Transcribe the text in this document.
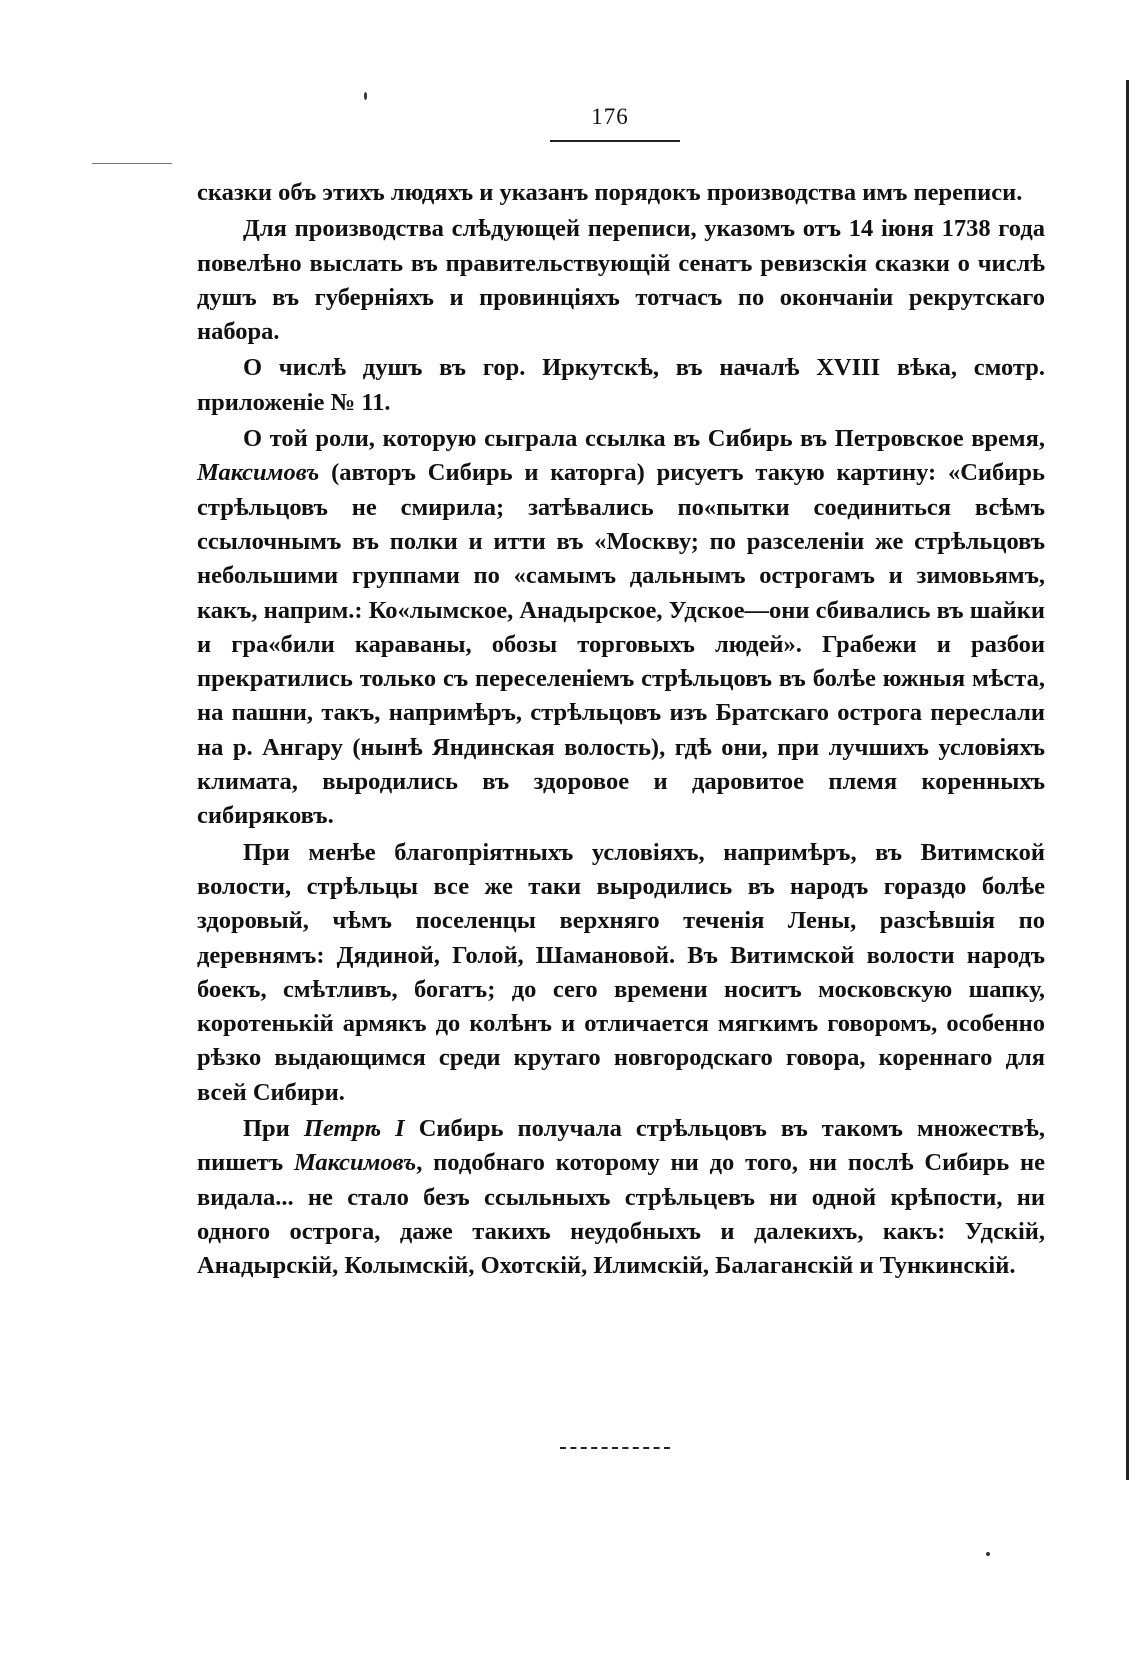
176

сказки объ этихъ людяхъ и указанъ порядокъ производства имъ переписи.

Для производства слѣдующей переписи, указомъ отъ 14 іюня 1738 года повелѣно выслать въ правительствующій сенатъ ревизскія сказки о числѣ душъ въ губерніяхъ и провинціяхъ тотчасъ по окончаніи рекрутскаго набора.

О числѣ душъ въ гор. Иркутскѣ, въ началѣ XVIII вѣка, смотр. приложеніе № 11.

О той роли, которую сыграла ссылка въ Сибирь въ Петровское время, Максимовъ (авторъ Сибирь и каторга) рисуетъ такую картину: «Сибирь стрѣльцовъ не смирила; затѣвались по«пытки соединиться всѣмъ ссылочнымъ въ полки и итти въ «Москву; по разселеніи же стрѣльцовъ небольшими группами по «самымъ дальнымъ острогамъ и зимовьямъ, какъ, наприм.: Ко«лымское, Анадырское, Удское—они сбивались въ шайки и гра«били караваны, обозы торговыхъ людей». Грабежи и разбои прекратились только съ переселеніемъ стрѣльцовъ въ болѣе южныя мѣста, на пашни, такъ, напримѣръ, стрѣльцовъ изъ Братскаго острога переслали на р. Ангару (нынѣ Яндинская волость), гдѣ они, при лучшихъ условіяхъ климата, выродились въ здоровое и даровитое племя коренныхъ сибиряковъ.

При менѣе благопріятныхъ условіяхъ, напримѣръ, въ Витимской волости, стрѣльцы все же таки выродились въ народъ гораздо болѣе здоровый, чѣмъ поселенцы верхняго теченія Лены, разсѣвшія по деревнямъ: Дядиной, Голой, Шамановой. Въ Витимской волости народъ боекъ, смѣтливъ, богатъ; до сего времени носитъ московскую шапку, коротенькій армякъ до колѣнъ и отличается мягкимъ говоромъ, особенно рѣзко выдающимся среди крутаго новгородскаго говора, кореннаго для всей Сибири.

При Петрѣ I Сибирь получала стрѣльцовъ въ такомъ множествѣ, пишетъ Максимовъ, подобнаго которому ни до того, ни послѣ Сибирь не видала... не стало безъ ссыльныхъ стрѣльцевъ ни одной крѣпости, ни одного острога, даже такихъ неудобныхъ и далекихъ, какъ: Удскій, Анадырскій, Колымскій, Охотскій, Илимскій, Балаганскій и Тункинскій.
